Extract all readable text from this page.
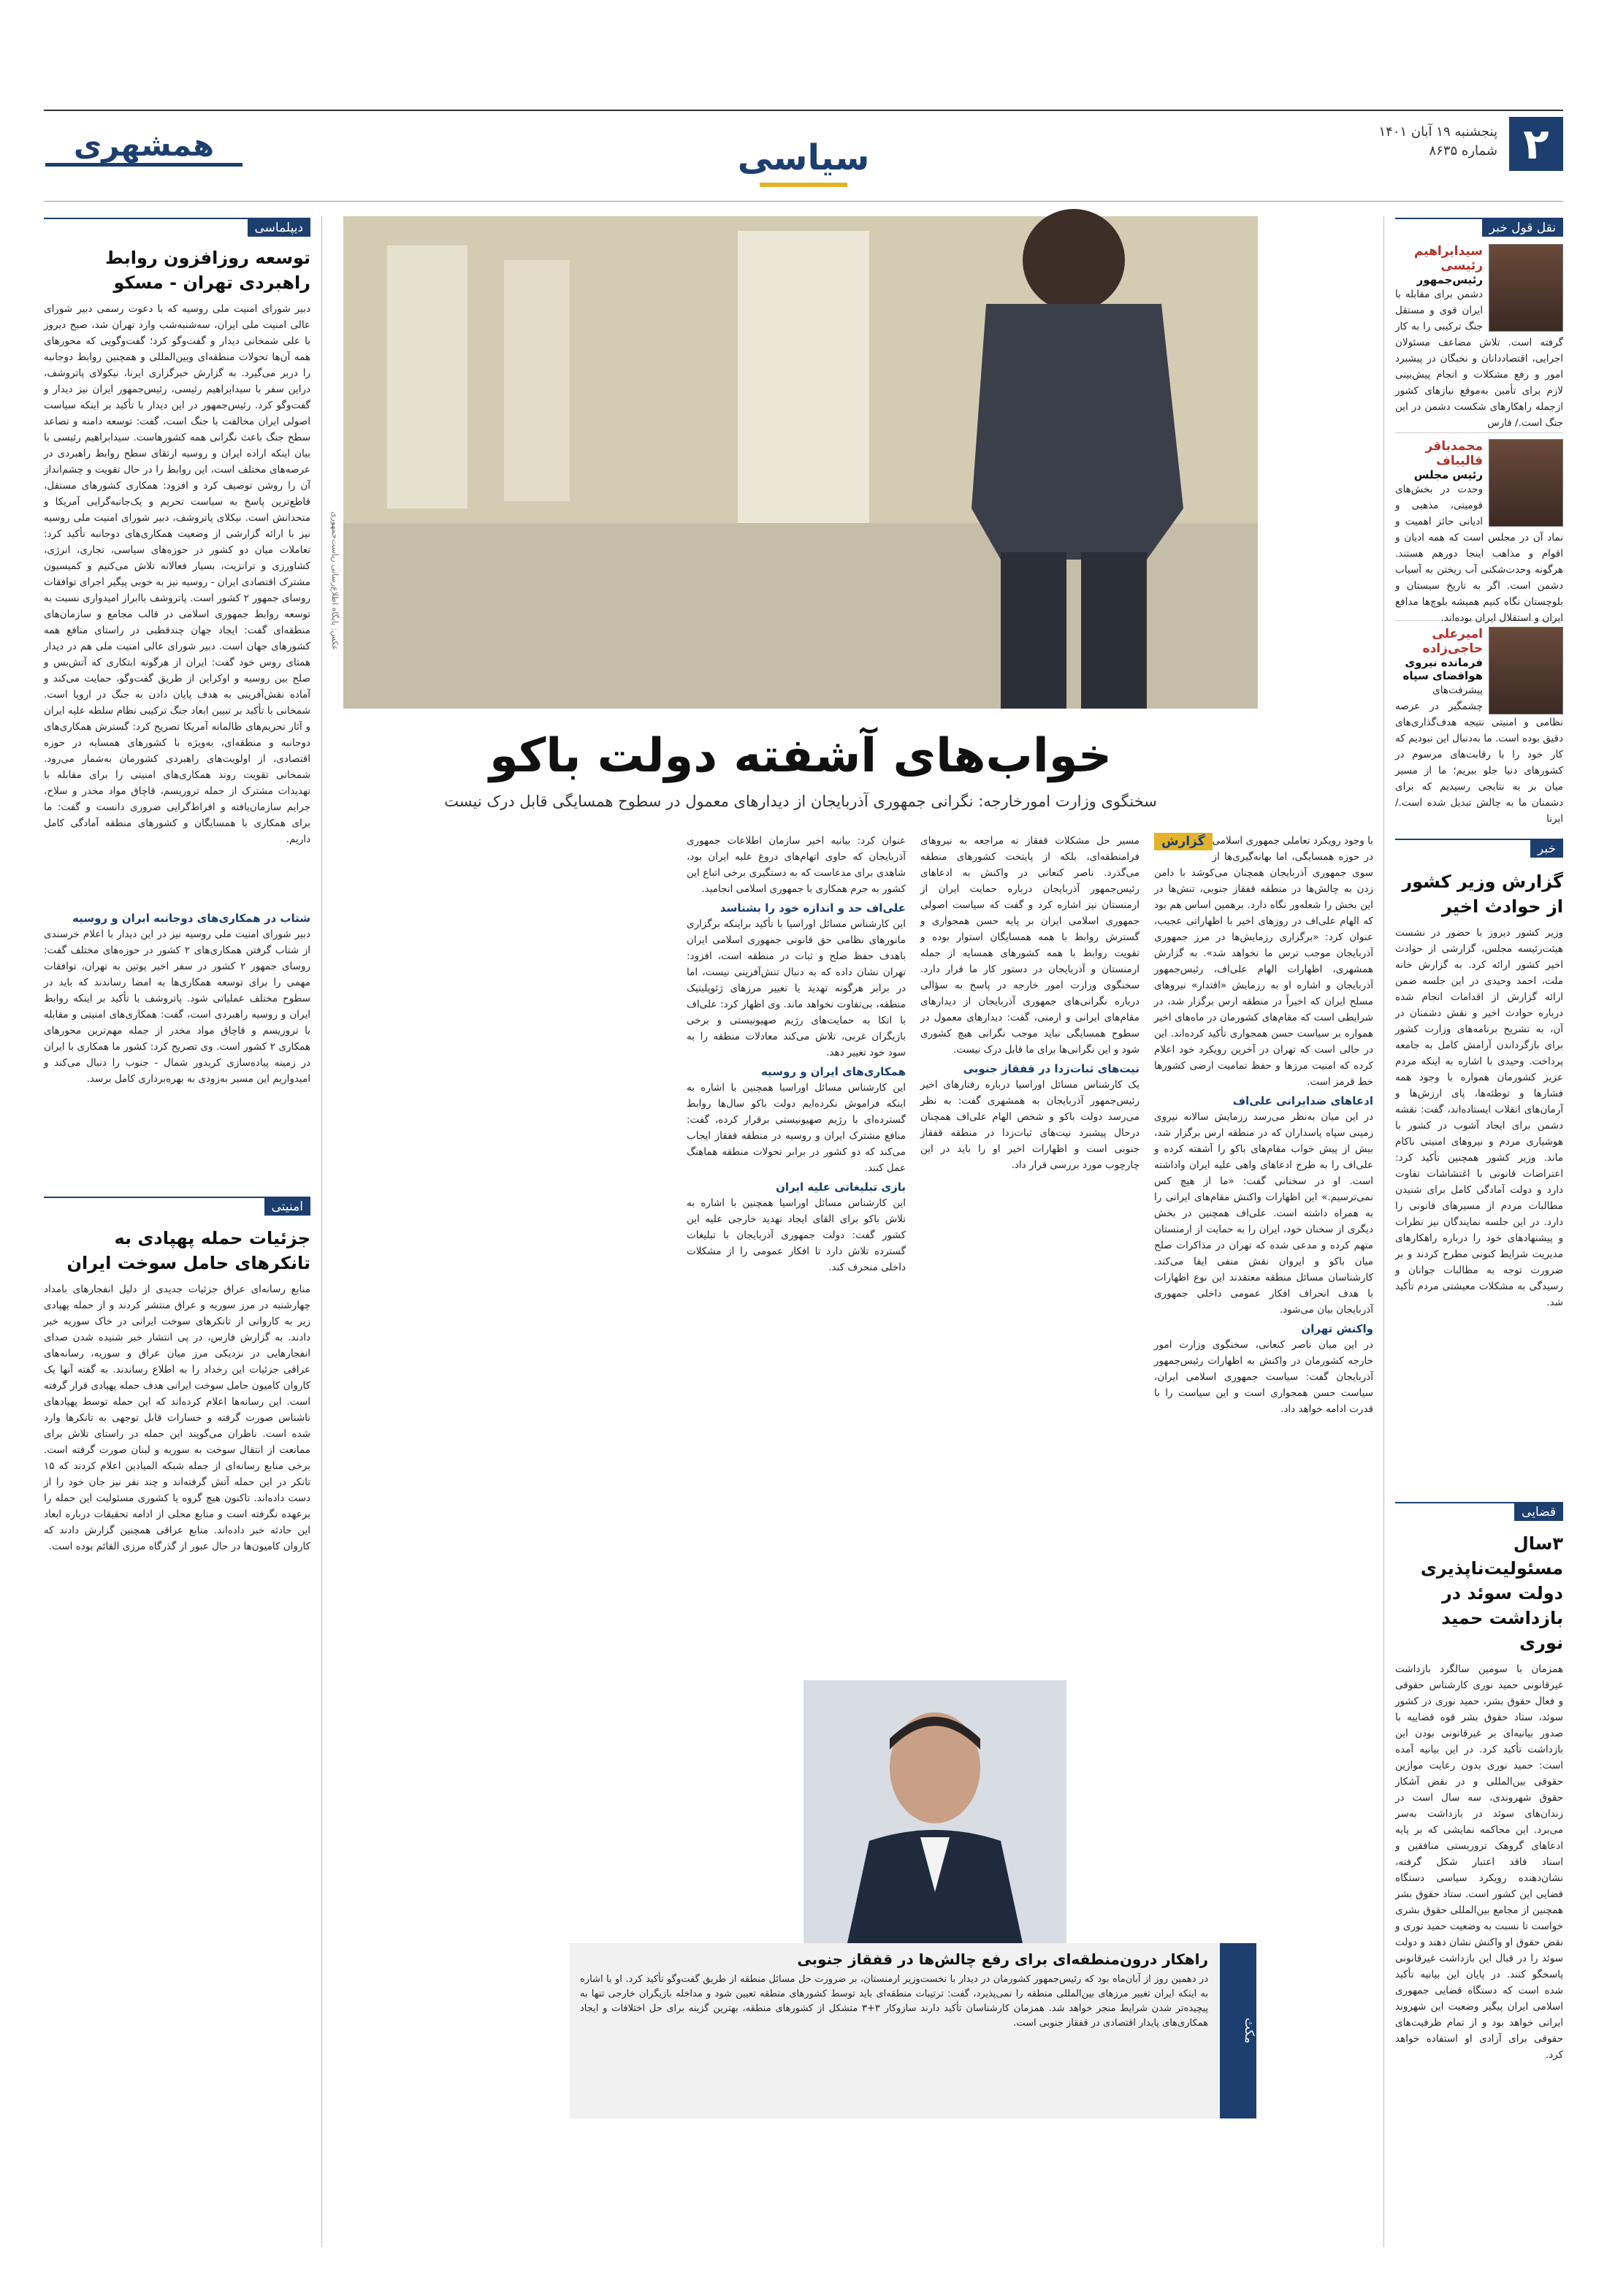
۲
پنجشنبه ۱۹ آبان ۱۴۰۱
شماره ۸۶۳۵
همشهری	سیاسی
نقل قول خبر
سیدابراهیم رئیسی
رئیس‌جمهور
دشمن برای مقابله با ایران قوی و مستقل جنگ ترکیبی را به کار گرفته است. تلاش مضاعف مسئولان اجرایی، اقتصاددانان و نخبگان در پیشبرد امور و رفع مشکلات و انجام پیش‌بینی لازم برای تأمین به‌موقع نیازهای کشور ازجمله راهکارهای شکست دشمن در این جنگ است./ فارس
محمدباقر قالیباف
رئیس مجلس
وحدت در بخش‌های قومیتی، مذهبی و ادیانی حائز اهمیت و نماد آن در مجلس است که همه ادیان و اقوام و مذاهب اینجا دورهم هستند. هرگونه وحدت‌شکنی آب ریختن به آسیاب دشمن است. اگر به تاریخ سیستان و بلوچستان نگاه کنیم همیشه بلوچ‌ها مدافع ایران و استقلال ایران بوده‌اند.
امیرعلی حاجی‌زاده
فرمانده نیروی هوافضای سپاه
پیشرفت‌های چشمگیر در عرصه نظامی و امنیتی نتیجه هدف‌گذاری‌های دقیق بوده است. ما به‌دنبال این نبودیم که کار خود را با رقابت‌های مرسوم در کشورهای دنیا جلو ببریم؛ ما از مسیر میان بر به نتایجی رسیدیم که برای دشمنان ما به چالش تبدیل شده است./ ایرنا
خبر
گزارش وزیر کشور از حوادث اخیر
وزیر کشور دیروز با حضور در نشست هیئت‌رئیسه مجلس، گزارشی از حوادث اخیر کشور ارائه کرد. به گزارش خانه ملت، احمد وحیدی در این جلسه ضمن ارائه گزارش از اقدامات انجام شده درباره حوادث اخیر و نقش دشمنان در آن، به تشریح برنامه‌های وزارت کشور برای بازگرداندن آرامش کامل به جامعه پرداخت. وحیدی با اشاره به اینکه مردم عزیز کشورمان همواره با وجود همه فشارها و توطئه‌ها، پای ارزش‌ها و آرمان‌های انقلاب ایستاده‌اند، گفت: نقشه دشمن برای ایجاد آشوب در کشور با هوشیاری مردم و نیروهای امنیتی ناکام ماند. وزیر کشور همچنین تأکید کرد: اعتراضات قانونی با اغتشاشات تفاوت دارد و دولت آمادگی کامل برای شنیدن مطالبات مردم از مسیرهای قانونی را دارد. در این جلسه نمایندگان نیز نظرات و پیشنهادهای خود را درباره راهکارهای مدیریت شرایط کنونی مطرح کردند و بر ضرورت توجه به مطالبات جوانان و رسیدگی به مشکلات معیشتی مردم تأکید شد.
قضایی
۳سال مسئولیت‌ناپذیری دولت سوئد در بازداشت حمید نوری
همزمان با سومین سالگرد بازداشت غیرقانونی حمید نوری کارشناس حقوقی و فعال حقوق بشر، حمید نوری در کشور سوئد، ستاد حقوق بشر قوه قضاییه با صدور بیانیه‌ای بر غیرقانونی بودن این بازداشت تأکید کرد. در این بیانیه آمده است: حمید نوری بدون رعایت موازین حقوقی بین‌المللی و در نقض آشکار حقوق شهروندی، سه سال است در زندان‌های سوئد در بازداشت به‌سر می‌برد. این محاکمه نمایشی که بر پایه ادعاهای گروهک تروریستی منافقین و اسناد فاقد اعتبار شکل گرفته، نشان‌دهنده رویکرد سیاسی دستگاه قضایی این کشور است. ستاد حقوق بشر همچنین از مجامع بین‌المللی حقوق بشری خواست تا نسبت به وضعیت حمید نوری و نقض حقوق او واکنش نشان دهند و دولت سوئد را در قبال این بازداشت غیرقانونی پاسخگو کنند. در پایان این بیانیه تأکید شده است که دستگاه قضایی جمهوری اسلامی ایران پیگیر وضعیت این شهروند ایرانی خواهد بود و از تمام ظرفیت‌های حقوقی برای آزادی او استفاده خواهد کرد.
عکس: پایگاه اطلاع‌رسانی ریاست‌جمهوری
خواب‌های آشفته دولت باکو
سخنگوی وزارت امورخارجه: نگرانی جمهوری آذربایجان از دیدارهای معمول در سطوح همسایگی قابل درک نیست
گزارش با وجود رویکرد تعاملی جمهوری اسلامی در حوزه همسایگی، اما بهانه‌گیری‌ها از سوی جمهوری آذربایجان همچنان می‌کوشد با دامن زدن به چالش‌ها در منطقه قفقاز جنوبی، تنش‌ها در این بخش را شعله‌ور نگاه دارد. برهمین اساس هم بود که الهام علی‌اف در روزهای اخیر با اظهاراتی عجیب، عنوان کرد: «برگزاری رزمایش‌ها در مرز جمهوری آذربایجان موجب ترس ما نخواهد شد». به گزارش همشهری، اظهارات الهام علی‌اف، رئیس‌جمهور آذربایجان و اشاره او به رزمایش «اقتدار» نیروهای مسلح ایران که اخیراً در منطقه ارس برگزار شد، در شرایطی است که مقام‌های کشورمان در ماه‌های اخیر همواره بر سیاست حسن همجواری تأکید کرده‌اند. این در حالی است که تهران در آخرین رویکرد خود اعلام کرده که امنیت مرزها و حفظ تمامیت ارضی کشورها خط قرمز است.
ادعاهای ضدایرانی علی‌اف
در این میان به‌نظر می‌رسد رزمایش سالانه نیروی زمینی سپاه پاسداران که در منطقه ارس برگزار شد، بیش از پیش خواب مقام‌های باکو را آشفته کرده و علی‌اف را به طرح ادعاهای واهی علیه ایران واداشته است. او در سخنانی گفت: «ما از هیچ کس نمی‌ترسیم.» این اظهارات واکنش مقام‌های ایرانی را به همراه داشته است. علی‌اف همچنین در بخش دیگری از سخنان خود، ایران را به حمایت از ارمنستان متهم کرده و مدعی شده که تهران در مذاکرات صلح میان باکو و ایروان نقش منفی ایفا می‌کند. کارشناسان مسائل منطقه معتقدند این نوع اظهارات با هدف انحراف افکار عمومی داخلی جمهوری آذربایجان بیان می‌شود.
واکنش تهران
در این میان ناصر کنعانی، سخنگوی وزارت امور خارجه کشورمان در واکنش به اظهارات رئیس‌جمهور آذربایجان گفت: سیاست جمهوری اسلامی ایران، سیاست حسن همجواری است و این سیاست را با قدرت ادامه خواهد داد.
مسیر حل مشکلات قفقاز نه مراجعه به نیروهای فرامنطقه‌ای، بلکه از پایتخت کشورهای منطقه می‌گذرد. ناصر کنعانی در واکنش به ادعاهای رئیس‌جمهور آذربایجان درباره حمایت ایران از ارمنستان نیز اشاره کرد و گفت که سیاست اصولی جمهوری اسلامی ایران بر پایه حسن همجواری و گسترش روابط با همه همسایگان استوار بوده و تقویت روابط با همه کشورهای همسایه از جمله ارمنستان و آذربایجان در دستور کار ما قرار دارد. سخنگوی وزارت امور خارجه در پاسخ به سؤالی درباره نگرانی‌های جمهوری آذربایجان از دیدارهای مقام‌های ایرانی و ارمنی، گفت: دیدارهای معمول در سطوح همسایگی نباید موجب نگرانی هیچ کشوری شود و این نگرانی‌ها برای ما قابل درک نیست.
نیت‌های ثبات‌زدا در قفقاز جنوبی
یک کارشناس مسائل اوراسیا درباره رفتارهای اخیر رئیس‌جمهور آذربایجان به همشهری گفت: به نظر می‌رسد دولت باکو و شخص الهام علی‌اف همچنان درحال پیشبرد نیت‌های ثبات‌زدا در منطقه قفقاز جنوبی است و اظهارات اخیر او را باید در این چارچوب مورد بررسی قرار داد.
عنوان کرد: بیانیه اخیر سازمان اطلاعات جمهوری آذربایجان که حاوی اتهام‌های دروغ علیه ایران بود، شاهدی برای مدعاست که به دستگیری برخی اتباع این کشور به جرم همکاری با جمهوری اسلامی انجامید.
علی‌اف حد و اندازه خود را بشناسد
این کارشناس مسائل اوراسیا با تأکید براینکه برگزاری مانورهای نظامی حق قانونی جمهوری اسلامی ایران باهدف حفظ صلح و ثبات در منطقه است، افزود: تهران نشان داده که به دنبال تنش‌آفرینی نیست، اما در برابر هرگونه تهدید یا تغییر مرزهای ژئوپلیتیک منطقه، بی‌تفاوت نخواهد ماند. وی اظهار کرد: علی‌اف با اتکا به حمایت‌های رژیم صهیونیستی و برخی بازیگران غربی، تلاش می‌کند معادلات منطقه را به سود خود تغییر دهد.
همکاری‌های ایران و روسیه
این کارشناس مسائل اوراسیا همچنین با اشاره به اینکه فراموش نکرده‌ایم دولت باکو سال‌ها روابط گسترده‌ای با رژیم صهیونیستی برقرار کرده، گفت: منافع مشترک ایران و روسیه در منطقه قفقاز ایجاب می‌کند که دو کشور در برابر تحولات منطقه هماهنگ عمل کنند.
بازی تبلیغاتی علیه ایران
این کارشناس مسائل اوراسیا همچنین با اشاره به تلاش باکو برای القای ایجاد تهدید خارجی علیه این کشور گفت: دولت جمهوری آذربایجان با تبلیغات گسترده تلاش دارد تا افکار عمومی را از مشکلات داخلی منحرف کند.
مکث
راهکار درون‌منطقه‌ای برای رفع چالش‌ها در قفقاز جنوبی
در دهمین روز از آبان‌ماه بود که رئیس‌جمهور کشورمان در دیدار با نخست‌وزیر ارمنستان، بر ضرورت حل مسائل منطقه از طریق گفت‌وگو تأکید کرد. او با اشاره به اینکه ایران تغییر مرزهای بین‌المللی منطقه را نمی‌پذیرد، گفت: ترتیبات منطقه‌ای باید توسط کشورهای منطقه تعیین شود و مداخله بازیگران خارجی تنها به پیچیده‌تر شدن شرایط منجر خواهد شد. همزمان کارشناسان تأکید دارند سازوکار ۳+۳ متشکل از کشورهای منطقه، بهترین گزینه برای حل اختلافات و ایجاد همکاری‌های پایدار اقتصادی در قفقاز جنوبی است.
دیپلماسی
توسعه روزافزون روابط راهبردی تهران - مسکو
دبیر شورای امنیت ملی روسیه که با دعوت رسمی دبیر شورای عالی امنیت ملی ایران، سه‌شنبه‌شب وارد تهران شد، صبح دیروز با علی شمخانی دیدار و گفت‌وگو کرد؛ گفت‌وگویی که محورهای همه آن‌ها تحولات منطقه‌ای وبین‌المللی و همچنین روابط دوجانبه را دربر می‌گیرد. به گزارش خبرگزاری ایرنا، نیکولای پاتروشف، دراین سفر با سیدابراهیم رئیسی، رئیس‌جمهور ایران نیز دیدار و گفت‌وگو کرد. رئیس‌جمهور در این دیدار با تأکید بر اینکه سیاست اصولی ایران مخالفت با جنگ است، گفت: توسعه دامنه و تصاعد سطح جنگ باعث نگرانی همه کشورهاست. سیدابراهیم رئیسی با بیان اینکه اراده ایران و روسیه ارتقای سطح روابط راهبردی در عرصه‌های مختلف است، این روابط را در حال تقویت و چشم‌انداز آن را روشن توصیف کرد و افزود: همکاری کشورهای مستقل، قاطع‌ترین پاسخ به سیاست تحریم و یک‌جانبه‌گرایی آمریکا و متحدانش است. نیکلای پاتروشف، دبیر شورای امنیت ملی روسیه نیز با ارائه گزارشی از وضعیت همکاری‌های دوجانبه تأکید کرد: تعاملات میان دو کشور در حوزه‌های سیاسی، تجاری، انرژی، کشاورزی و ترانزیت، بسیار فعالانه تلاش می‌کنیم و کمیسیون مشترک اقتصادی ایران - روسیه نیز به خوبی پیگیر اجرای توافقات روسای جمهور ۲ کشور است. پاتروشف باابراز امیدواری نسبت به توسعه روابط جمهوری اسلامی در قالب مجامع و سازمان‌های منطقه‌ای گفت: ایجاد جهان چندقطبی در راستای منافع همه کشورهای جهان است. دبیر شورای عالی امنیت ملی هم در دیدار همتای روس خود گفت: ایران از هرگونه ابتکاری که آتش‌بس و صلح بین روسیه و اوکراین از طریق گفت‌وگو، حمایت می‌کند و آماده نقش‌آفرینی به هدف پایان دادن به جنگ در اروپا است. شمخانی با تأکید بر تبیین ابعاد جنگ ترکیبی نظام سلطه علیه ایران و آثار تحریم‌های ظالمانه آمریکا تصریح کرد: گسترش همکاری‌های دوجانبه و منطقه‌ای، به‌ویژه با کشورهای همسایه در حوزه اقتصادی، از اولویت‌های راهبردی کشورمان به‌شمار می‌رود. شمخانی تقویت روند همکاری‌های امنیتی را برای مقابله با تهدیدات مشترک از جمله تروریسم، قاچاق مواد مخدر و سلاح، جرایم سازمان‌یافته و افراط‌گرایی ضروری دانست و گفت: ما برای همکاری با همسایگان و کشورهای منطقه آمادگی کامل داریم.
شتاب در همکاری‌های دوجانبه ایران و روسیه
دبیر شورای امنیت ملی روسیه نیز در این دیدار با اعلام خرسندی از شتاب گرفتن همکاری‌های ۲ کشور در حوزه‌های مختلف گفت: روسای جمهور ۲ کشور در سفر اخیر پوتین به تهران، توافقات مهمی را برای توسعه همکاری‌ها به امضا رساندند که باید در سطوح مختلف عملیاتی شود. پاتروشف با تأکید بر اینکه روابط ایران و روسیه راهبردی است، گفت: همکاری‌های امنیتی و مقابله با تروریسم و قاچاق مواد مخدر از جمله مهم‌ترین محورهای همکاری ۲ کشور است. وی تصریح کرد: کشور ما همکاری با ایران در زمینه پیاده‌سازی کریدور شمال - جنوب را دنبال می‌کند و امیدواریم این مسیر به‌زودی به بهره‌برداری کامل برسد.
امنیتی
جزئیات حمله پهپادی به تانکرهای حامل سوخت ایران
منابع رسانه‌ای عراق جزئیات جدیدی از دلیل انفجارهای بامداد چهارشنبه در مرز سوریه و عراق منتشر کردند و از حمله پهپادی زیر به کاروانی از تانکرهای سوخت ایرانی در خاک سوریه خبر دادند. به گزارش فارس، در پی انتشار خبر شنیده شدن صدای انفجارهایی در نزدیکی مرز میان عراق و سوریه، رسانه‌های عراقی جزئیات این رخداد را به اطلاع رساندند. به گفته آنها یک کاروان کامیون حامل سوخت ایرانی هدف حمله پهپادی قرار گرفته است. این رسانه‌ها اعلام کرده‌اند که این حمله توسط پهپادهای ناشناس صورت گرفته و خسارات قابل توجهی به تانکرها وارد شده است. ناظران می‌گویند این حمله در راستای تلاش برای ممانعت از انتقال سوخت به سوریه و لبنان صورت گرفته است. برخی منابع رسانه‌ای از جمله شبکه المیادین اعلام کردند که ۱۵ تانکر در این حمله آتش گرفته‌اند و چند نفر نیز جان خود را از دست داده‌اند. تاکنون هیچ گروه یا کشوری مسئولیت این حمله را برعهده نگرفته است و منابع محلی از ادامه تحقیقات درباره ابعاد این حادثه خبر داده‌اند. منابع عراقی همچنین گزارش دادند که کاروان کامیون‌ها در حال عبور از گذرگاه مرزی القائم بوده است.
